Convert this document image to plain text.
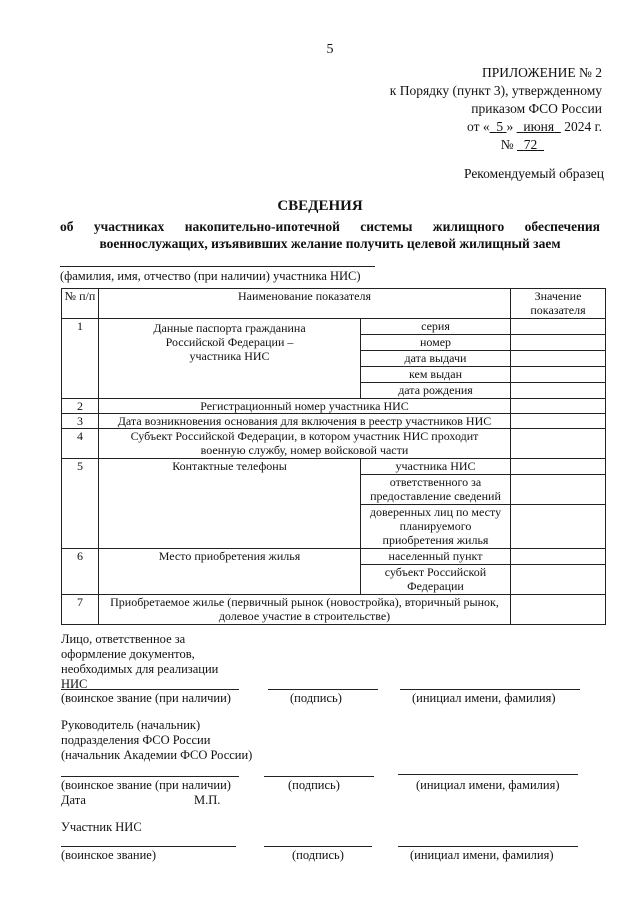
5
ПРИЛОЖЕНИЕ № 2
к Порядку (пункт 3), утвержденному
приказом ФСО России
от « 5 » июня 2024 г.
№ 72
Рекомендуемый образец
СВЕДЕНИЯ
об участниках накопительно-ипотечной системы жилищного обеспечения
военнослужащих, изъявивших желание получить целевой жилищный заем
(фамилия, имя, отчество (при наличии) участника НИС)
№ п/п	Наименование показателя		Значение показателя
1	Данные паспорта гражданина Российской Федерации – участника НИС	серия	
		номер	
		дата выдачи	
		кем выдан	
		дата рождения	
2	Регистрационный номер участника НИС		
3	Дата возникновения основания для включения в реестр участников НИС		
4	Субъект Российской Федерации, в котором участник НИС проходит военную службу, номер войсковой части		
5	Контактные телефоны	участника НИС	
		ответственного за предоставление сведений	
		доверенных лиц по месту планируемого приобретения жилья	
6	Место приобретения жилья	населенный пункт	
		субъект Российской Федерации	
7	Приобретаемое жилье (первичный рынок (новостройка), вторичный рынок, долевое участие в строительстве)		
Лицо, ответственное за оформление документов, необходимых для реализации НИС
(воинское звание (при наличии)	(подпись)	(инициал имени, фамилия)
Руководитель (начальник) подразделения ФСО России (начальник Академии ФСО России)
(воинское звание (при наличии)	(подпись)	(инициал имени, фамилия)
Дата	М.П.
Участник НИС
(воинское звание)	(подпись)	(инициал имени, фамилия)
